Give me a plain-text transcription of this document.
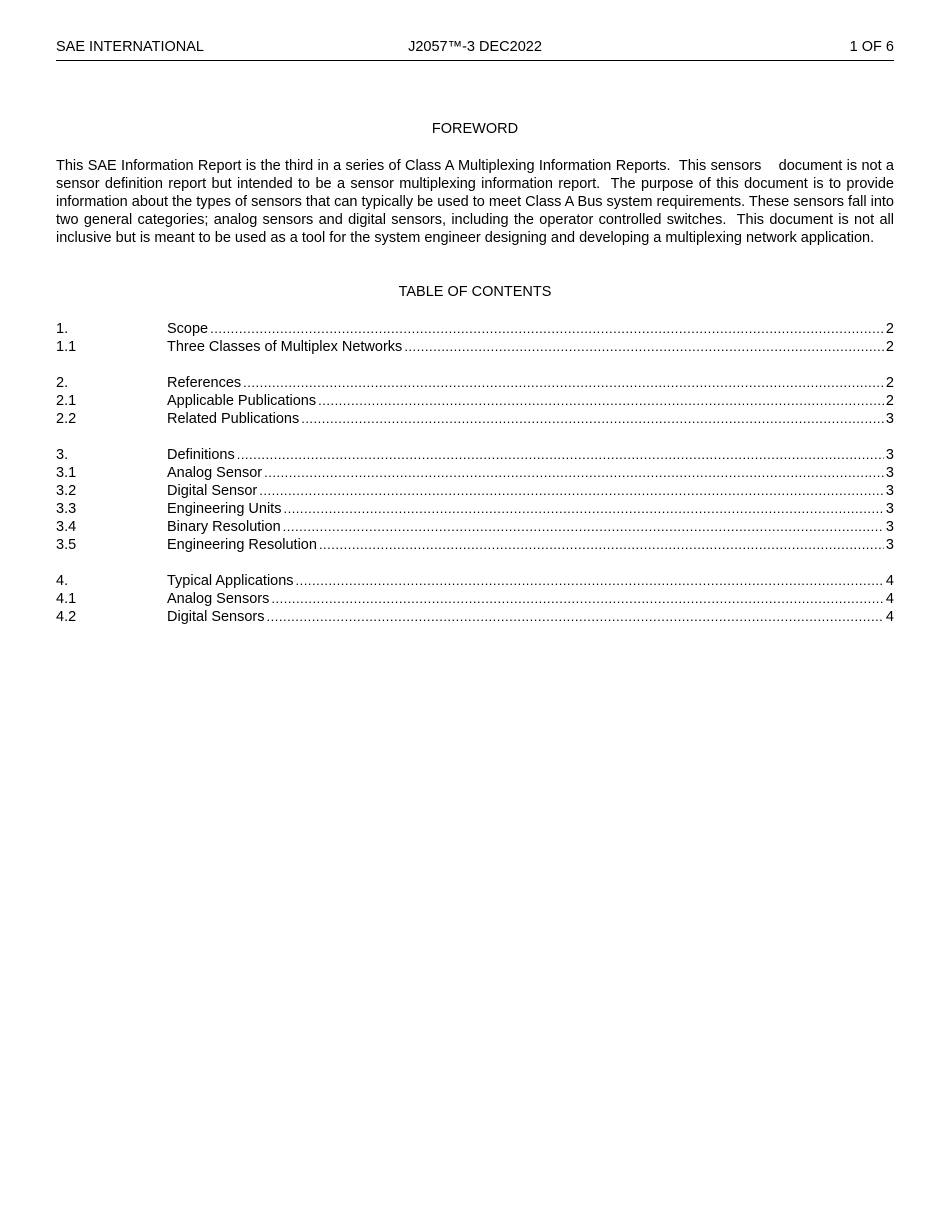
SAE INTERNATIONAL	J2057™-3 DEC2022	1 OF 6
FOREWORD
This SAE Information Report is the third in a series of Class A Multiplexing Information Reports.  This sensors    document is not a sensor definition report but intended to be a sensor multiplexing information report.  The purpose of this document is to provide information about the types of sensors that can typically be used to meet Class A Bus system requirements. These sensors fall into two general categories; analog sensors and digital sensors, including the operator controlled switches.  This document is not all inclusive but is meant to be used as a tool for the system engineer designing and developing a multiplexing network application.
TABLE OF CONTENTS
1.	Scope .....	2
1.1	Three Classes of Multiplex Networks .....	2
2.	References .....	2
2.1	Applicable Publications .....	2
2.2	Related Publications .....	3
3.	Definitions .....	3
3.1	Analog Sensor .....	3
3.2	Digital Sensor .....	3
3.3	Engineering Units .....	3
3.4	Binary Resolution .....	3
3.5	Engineering Resolution .....	3
4.	Typical Applications .....	4
4.1	Analog Sensors .....	4
4.2	Digital Sensors .....	4
